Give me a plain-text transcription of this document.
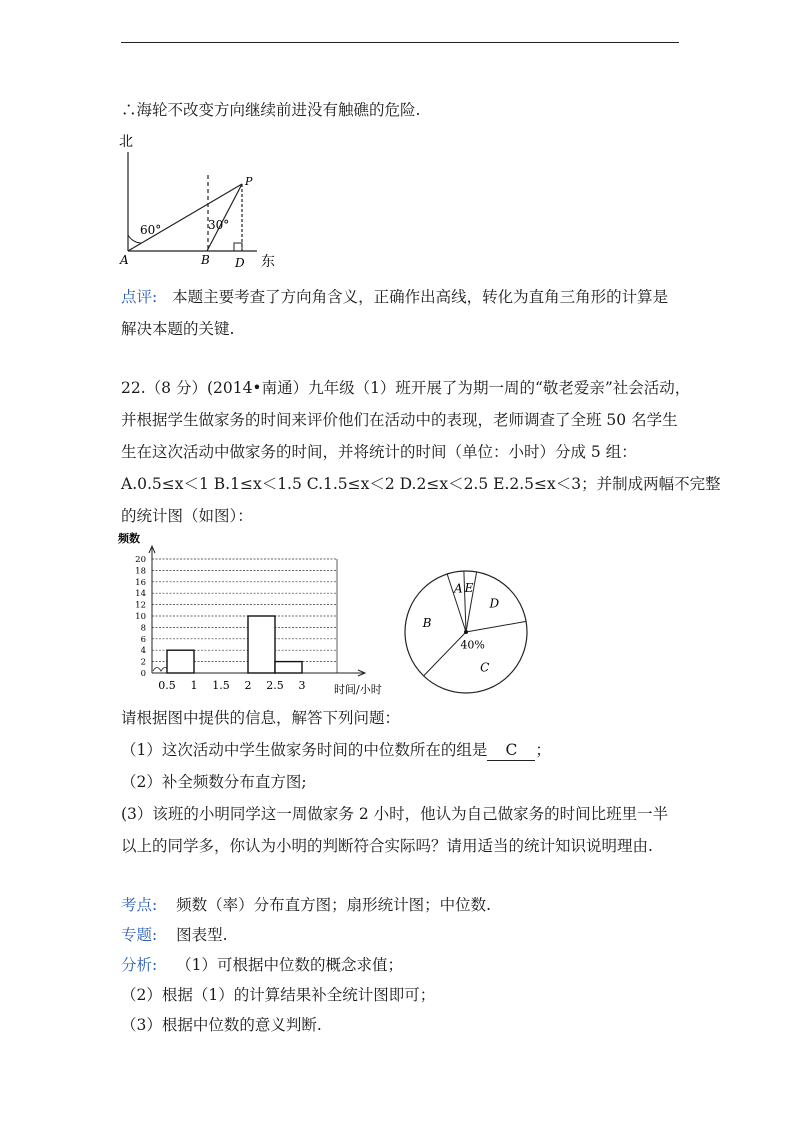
∴海轮不改变方向继续前进没有触礁的危险.
北
60°	30°
P
A	B D 东
点评: 本题主要考查了方向角含义，正确作出高线，转化为直角三角形的计算是
解决本题的关键.
22.（8 分）(2014•南通）九年级（1）班开展了为期一周的“敬老爱亲”社会活动，
并根据学生做家务的时间来评价他们在活动中的表现，老师调查了全班 50 名学生
生在这次活动中做家务的时间，并将统计的时间（单位：小时）分成 5 组：
A.0.5≤x＜1 B.1≤x＜1.5 C.1.5≤x＜2 D.2≤x＜2.5 E.2.5≤x＜3；并制成两幅不完整
的统计图（如图）：
频数
0
2
4
6
8
10
12
14
16
18
20
0.5 1 1.5 2 2.5 3	时间/小时
C
40%
B
A E
D
请根据图中提供的信息，解答下列问题：
（1）这次活动中学生做家务时间的中位数所在的组是 C ；
（2）补全频数分布直方图;
(3）该班的小明同学这一周做家务 2 小时，他认为自己做家务的时间比班里一半
以上的同学多，你认为小明的判断符合实际吗？请用适当的统计知识说明理由.
考点: 频数（率）分布直方图；扇形统计图；中位数.
专题: 图表型.
分析: （1）可根据中位数的概念求值；
（2）根据（1）的计算结果补全统计图即可；
（3）根据中位数的意义判断.
